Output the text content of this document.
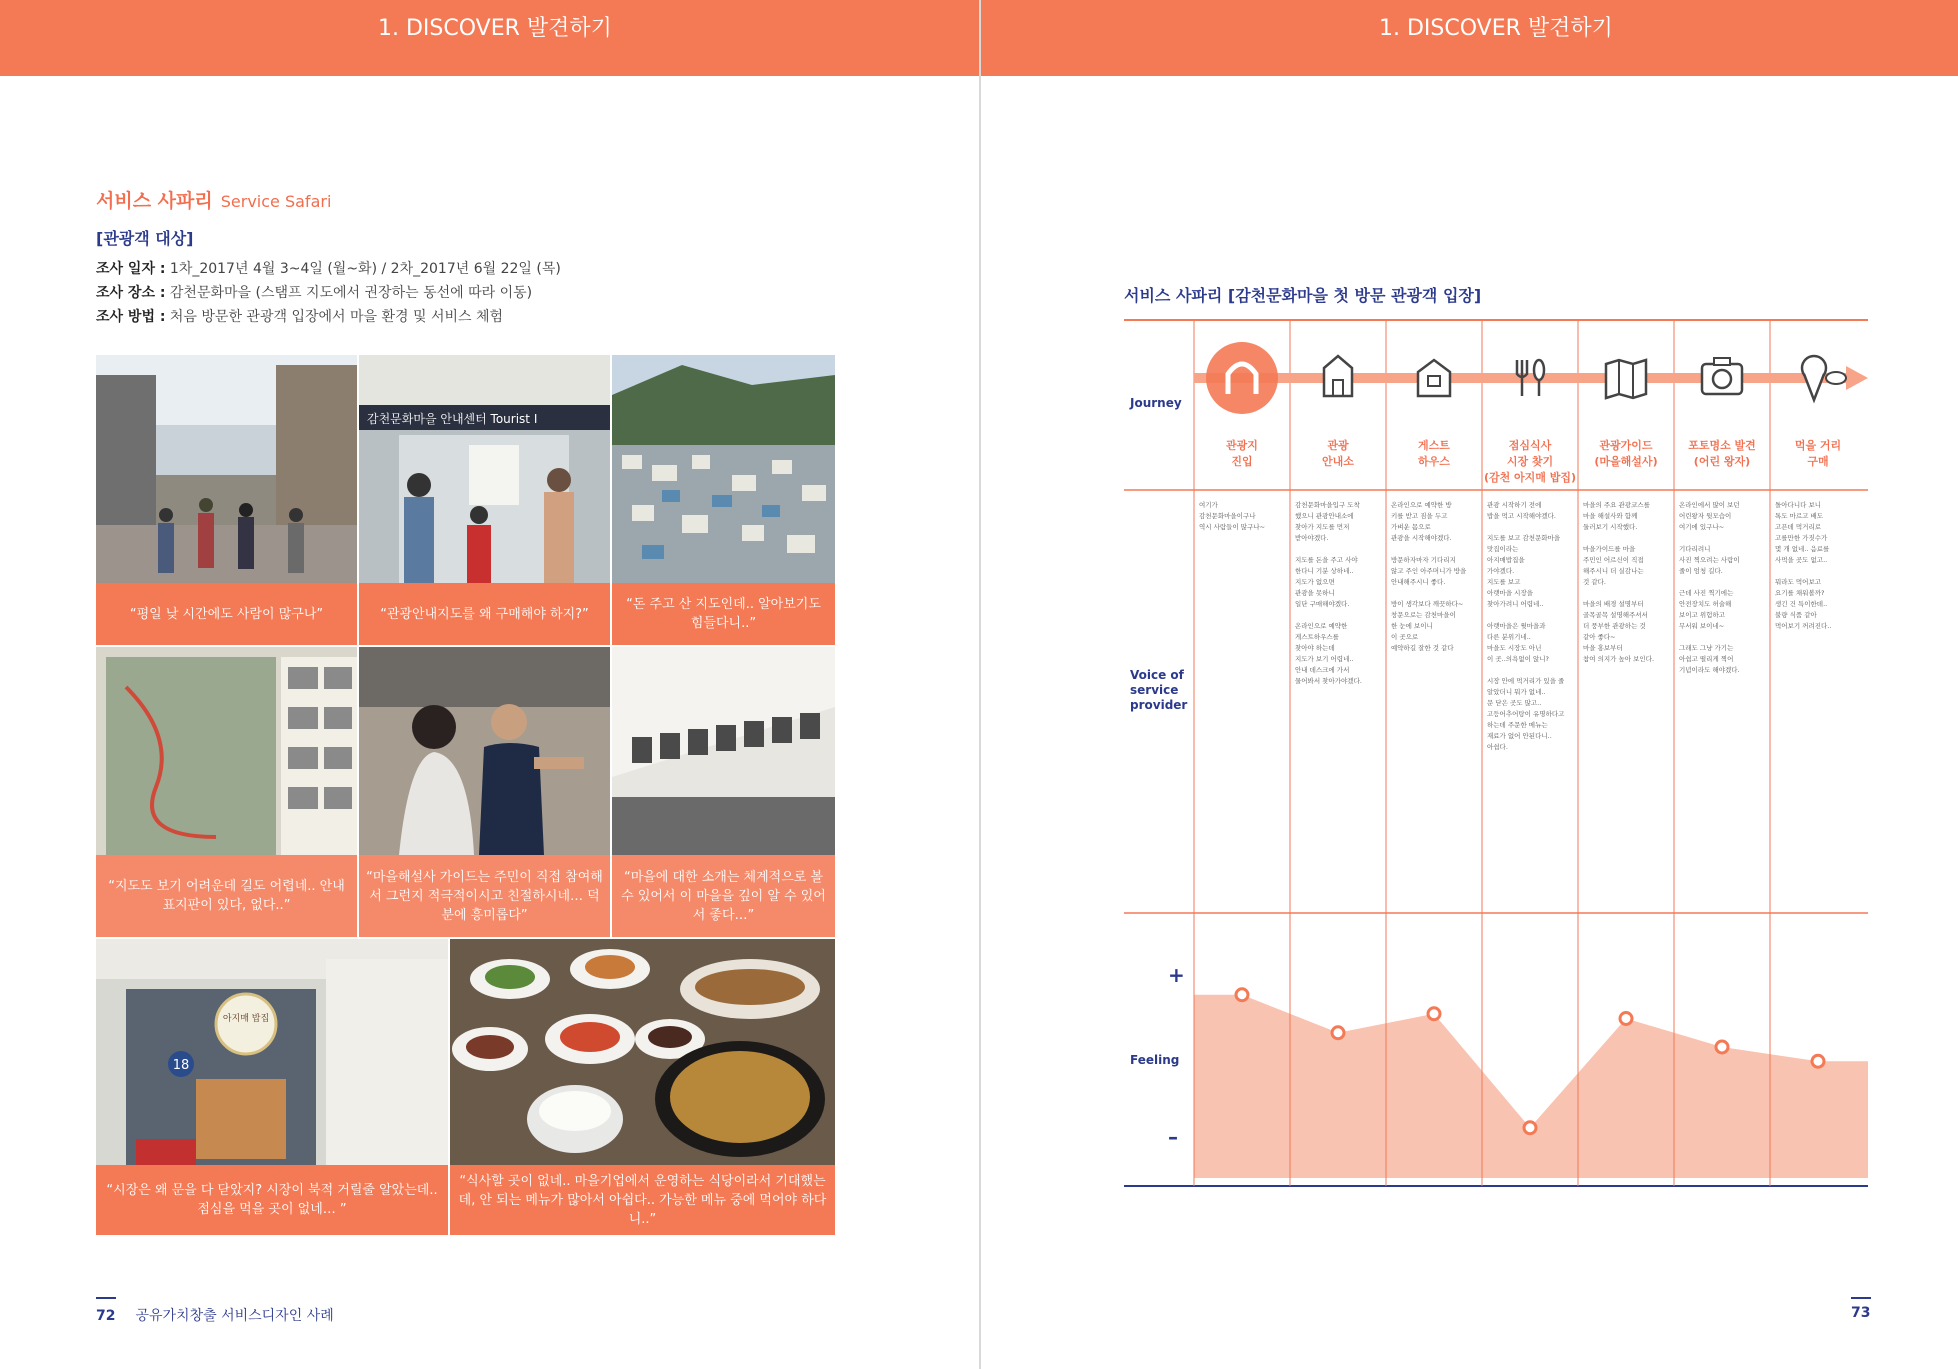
1. DISCOVER 발견하기	1. DISCOVER 발견하기
서비스 사파리 Service Safari
[관광객 대상]
조사 일자 : 1차_2017년 4월 3~4일 (월~화) / 2차_2017년 6월 22일 (목)
조사 장소 : 감천문화마을 (스탬프 지도에서 권장하는 동선에 따라 이동)
조사 방법 : 처음 방문한 관광객 입장에서 마을 환경 및 서비스 체험
“평일 낮 시간에도 사람이 많구나”
감천문화마을 안내센터 Tourist I
“관광안내지도를 왜 구매해야 하지?”
“돈 주고 산 지도인데.. 알아보기도 힘들다니..”
“지도도 보기 어려운데 길도 어렵네.. 안내 표지판이 있다, 없다..”
“마을해설사 가이드는 주민이 직접 참여해서 그런지 적극적이시고 친절하시네… 덕분에 흥미롭다”
“마을에 대한 소개는 체계적으로 볼 수 있어서 이 마을을 깊이 알 수 있어서 좋다…”
아지매 밥집
18
“시장은 왜 문을 다 닫았지? 시장이 북적 거릴줄 알았는데.. 점심을 먹을 곳이 없네… ”
“식사할 곳이 없네.. 마을기업에서 운영하는 식당이라서 기대했는데, 안 되는 메뉴가 많아서 아쉽다.. 가능한 메뉴 중에 먹어야 하다니..”
72 공유가치창출 서비스디자인 사례	73
서비스 사파리 [감천문화마을 첫 방문 관광객 입장]
Journey
Voice of service provider
Feeling
+
–
관광지
진입
여기가
감천문화마을이구나
역시 사람들이 많구나~
관광
안내소
감천문화마을입구 도착
했으니 관광안내소에
찾아가 지도를 먼저
받아야겠다.

지도를 돈을 주고 사야
한다니 기분 상하네..
지도가 없으면
관광을 못하니
일단 구매해야겠다.

온라인으로 예약한
게스트하우스를
찾아야 하는데
지도가 보기 어렵네..
안내 데스크에 가서
물어봐서 찾아가야겠다.
게스트
하우스
온라인으로 예약한 방
키를 받고 짐을 두고
가벼운 몸으로
관광을 시작해야겠다.

방문하자마자 기다리지
않고 주인 아주머니가 방을
안내해주시니 좋다.

방이 생각보다 깨끗하다~
창문으로는 감천마을이
한 눈에 보이니
이 곳으로
예약하길 잘한 것 같다
점심식사
시장 찾기
(감천 아지매 밥집)
관광 시작하기 전에
밥을 먹고 시작해야겠다.

지도를 보고 감천문화마을
맛집이라는
아지매밥집을
가야겠다.
지도를 보고
아랫마을 시장을
찾아가려니 어렵네..

아랫마을은 윗마을과
다른 분위기네..
마을도 시장도 아닌
이 곳..의욕없이 앉니?

시장 안에 먹거리가 있을 줄
알았더니 뭐가 없네..
문 닫은 곳도 많고..
고등어추어탕이 유명하다고
하는데 주문한 메뉴는
재료가 없어 안된다니..
아쉽다.
관광가이드
(마을해설사)
마을의 주요 관광코스를
마을 해설사와 함께
둘러보기 시작했다.

마을가이드를 마을
주민인 어르신이 직접
해주시니 더 실감나는
것 같다.

마을의 배경 설명부터
골목골목 설명해주셔서
더 풍부한 관광하는 것
같아 좋다~
마을 홍보부터
참여 의지가 높아 보인다.
포토명소 발견
(어린 왕자)
온라인에서 많이 보던
어린왕자 뒷모습이
여기에 있구나~

기다리려니
사진 찍으려는 사람이
줄이 엄청 길다.

근데 사진 찍기에는
안전장치도 허술해
보이고 위험하고
무서워 보이네~

그래도 그냥 가기는
아쉽고 떨리게 찍어
기념이라도 해야겠다.
먹을 거리
구매
돌아다니다 보니
톡도 마르고 배도
고픈데 먹거리로
고를만한 가짓수가
몇 개 없네.. 음료를
사먹을 곳도 없고..

뭐라도 먹어보고
요기를 채워볼까?
생긴 건 특이한데..
불량 식품 같아
먹어보기 꺼려진다..
